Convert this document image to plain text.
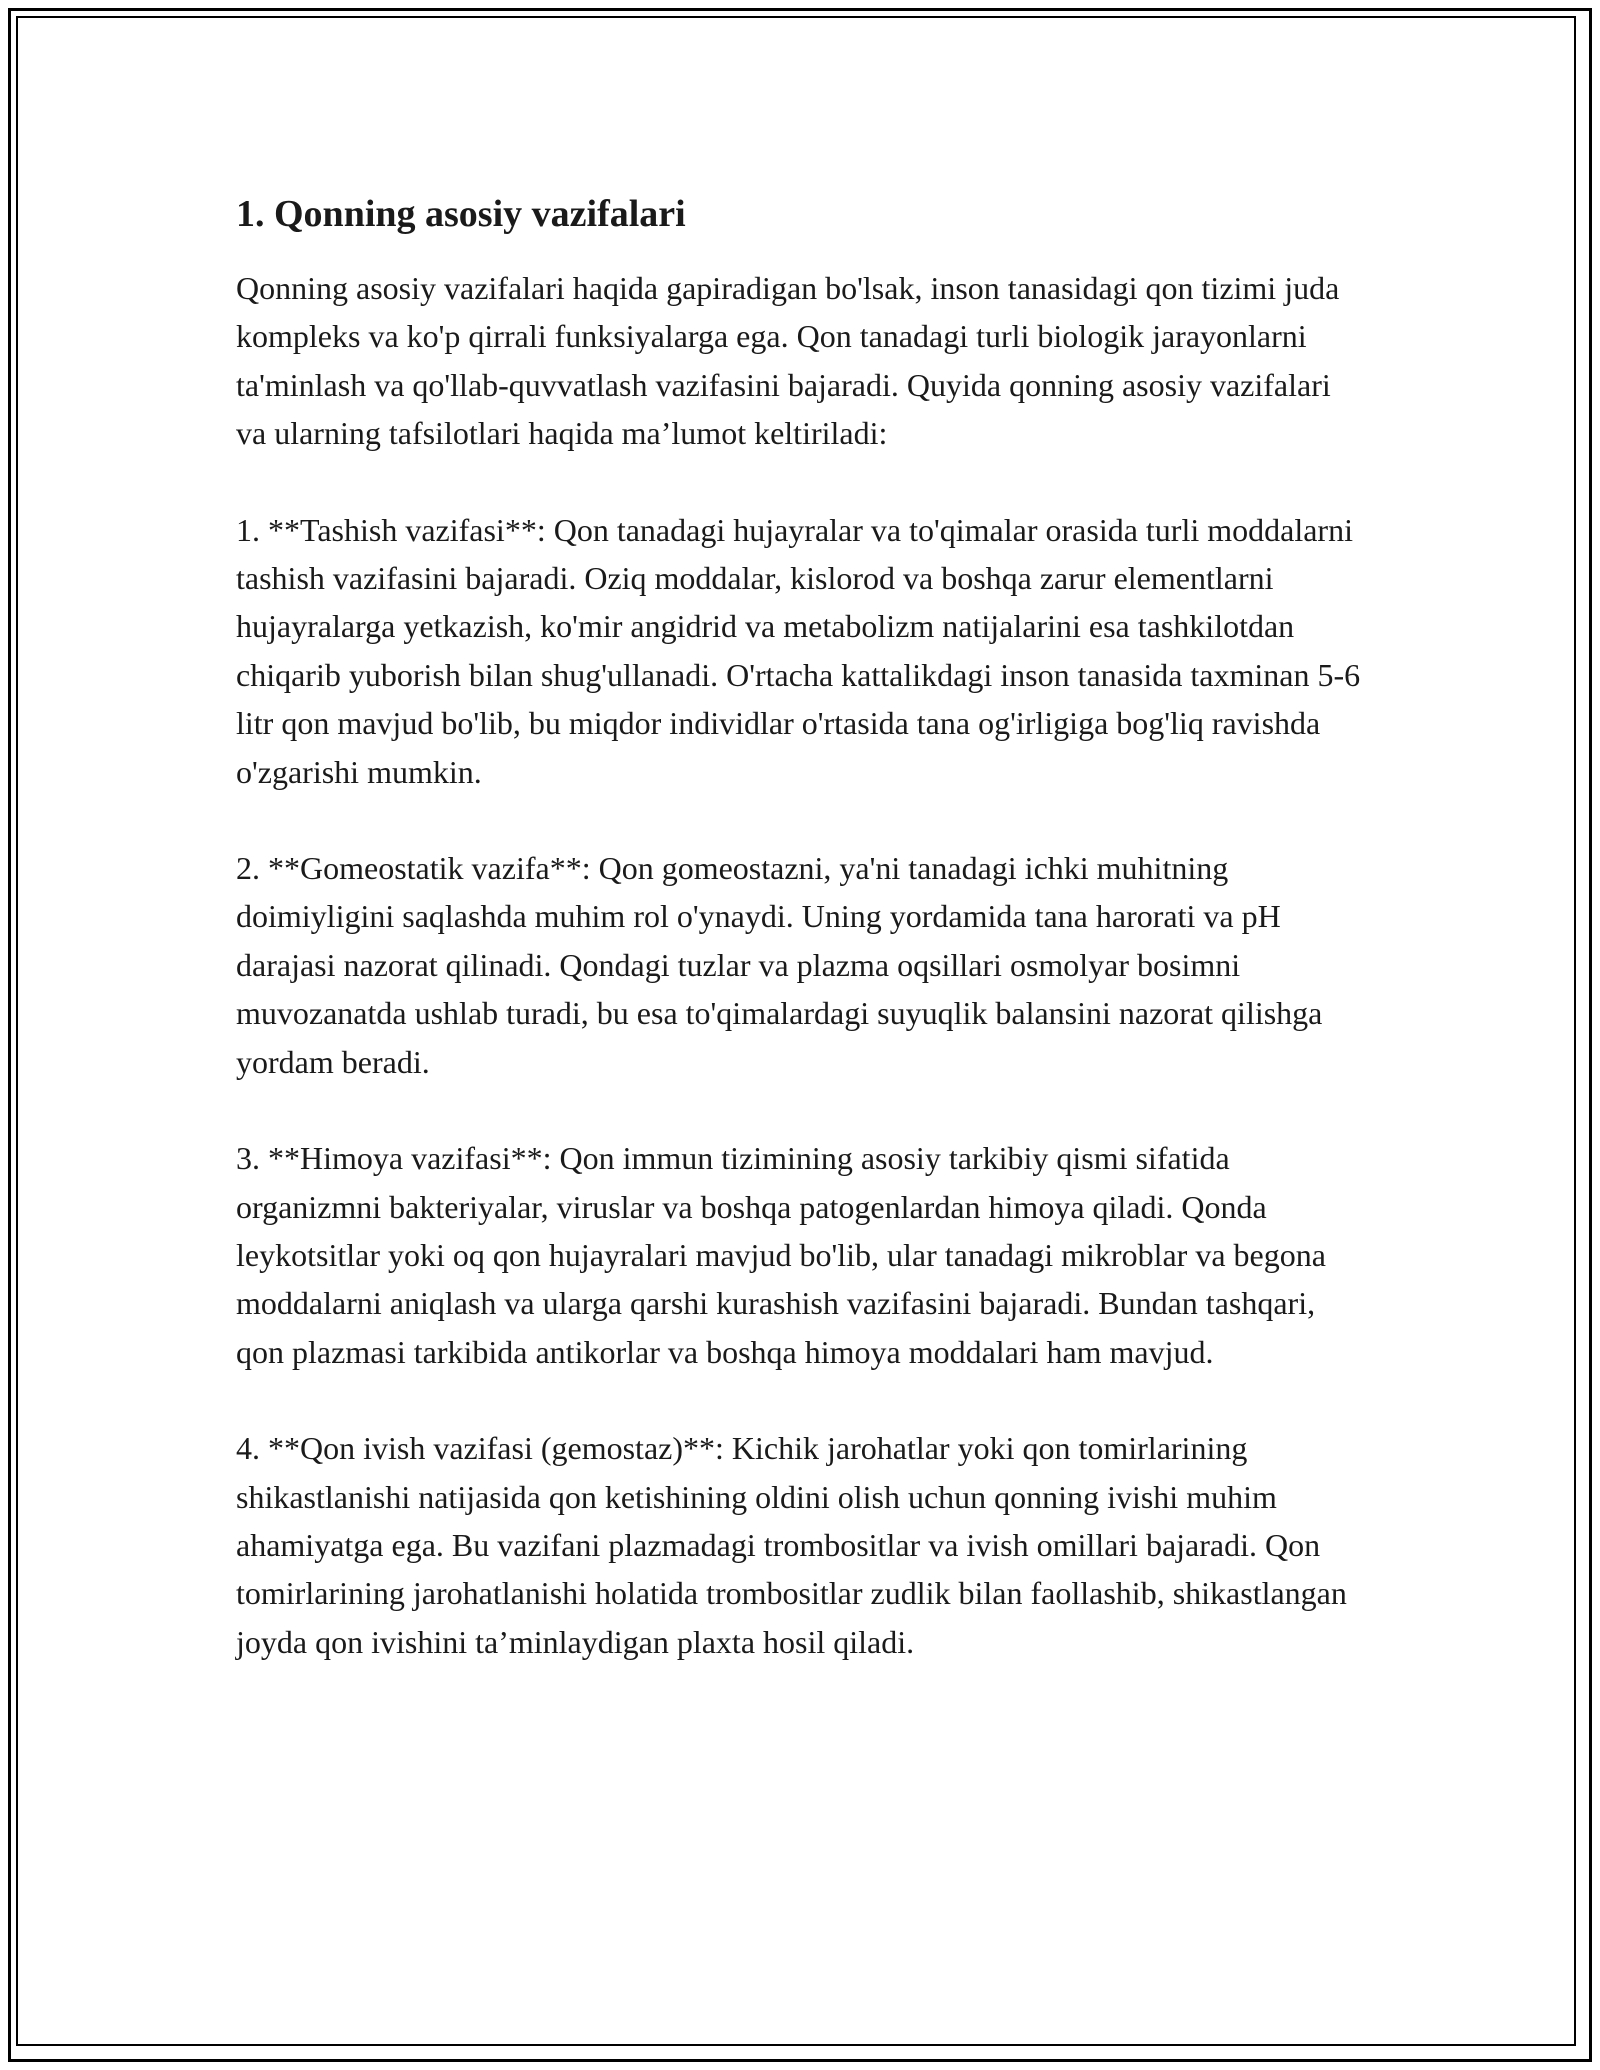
1. Qonning asosiy vazifalari

Qonning asosiy vazifalari haqida gapiradigan bo'lsak, inson tanasidagi qon tizimi juda kompleks va ko'p qirrali funksiyalarga ega. Qon tanadagi turli biologik jarayonlarni ta'minlash va qo'llab-quvvatlash vazifasini bajaradi. Quyida qonning asosiy vazifalari va ularning tafsilotlari haqida ma’lumot keltiriladi:

1. **Tashish vazifasi**: Qon tanadagi hujayralar va to'qimalar orasida turli moddalarni tashish vazifasini bajaradi. Oziq moddalar, kislorod va boshqa zarur elementlarni hujayralarga yetkazish, ko'mir angidrid va metabolizm natijalarini esa tashkilotdan chiqarib yuborish bilan shug'ullanadi. O'rtacha kattalikdagi inson tanasida taxminan 5-6 litr qon mavjud bo'lib, bu miqdor individlar o'rtasida tana og'irligiga bog'liq ravishda o'zgarishi mumkin.

2. **Gomeostatik vazifa**: Qon gomeostazni, ya'ni tanadagi ichki muhitning doimiyligini saqlashda muhim rol o'ynaydi. Uning yordamida tana harorati va pH darajasi nazorat qilinadi. Qondagi tuzlar va plazma oqsillari osmolyar bosimni muvozanatda ushlab turadi, bu esa to'qimalardagi suyuqlik balansini nazorat qilishga yordam beradi.

3. **Himoya vazifasi**: Qon immun tizimining asosiy tarkibiy qismi sifatida organizmni bakteriyalar, viruslar va boshqa patogenlardan himoya qiladi. Qonda leykotsitlar yoki oq qon hujayralari mavjud bo'lib, ular tanadagi mikroblar va begona moddalarni aniqlash va ularga qarshi kurashish vazifasini bajaradi. Bundan tashqari, qon plazmasi tarkibida antikorlar va boshqa himoya moddalari ham mavjud.

4. **Qon ivish vazifasi (gemostaz)**: Kichik jarohatlar yoki qon tomirlarining shikastlanishi natijasida qon ketishining oldini olish uchun qonning ivishi muhim ahamiyatga ega. Bu vazifani plazmadagi trombositlar va ivish omillari bajaradi. Qon tomirlarining jarohatlanishi holatida trombositlar zudlik bilan faollashib, shikastlangan joyda qon ivishini ta’minlaydigan plaxta hosil qiladi.
